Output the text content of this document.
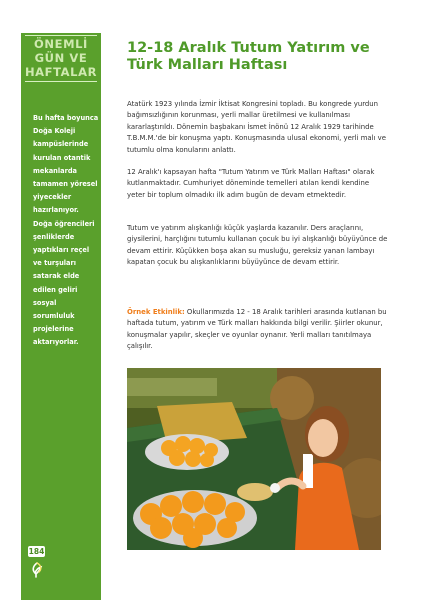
ÖNEMLİ
GÜN VE
HAFTALAR
Bu hafta boyunca Doğa Koleji kampüslerinde kurulan otantik mekanlarda tamamen yöresel yiyecekler hazırlanıyor. Doğa öğrencileri şenliklerde yaptıkları reçel ve turşuları satarak elde edilen geliri sosyal sorumluluk projelerine aktarıyorlar.
184
12-18 Aralık Tutum Yatırım ve Türk Malları Haftası
Atatürk 1923 yılında İzmir İktisat Kongresini topladı. Bu kongrede yurdun bağımsızlığının korunması, yerli mallar üretilmesi ve kullanılması kararlaştırıldı. Dönemin başbakanı İsmet İnönü 12 Aralık 1929 tarihinde T.B.M.M.'de bir konuşma yaptı. Konuşmasında ulusal ekonomi, yerli malı ve tutumlu olma konularını anlattı.
12 Aralık'ı kapsayan hafta "Tutum Yatırım ve Türk Malları Haftası" olarak kutlanmaktadır. Cumhuriyet döneminde temelleri atılan kendi kendine yeter bir toplum olmadıkı ilk adım bugün de devam etmektedir.
Tutum ve yatırım alışkanlığı küçük yaşlarda kazanılır. Ders araçlarını, giysilerini, harçlığını tutumlu kullanan çocuk bu iyi alışkanlığı büyüyünce de devam ettirir. Küçükken boşa akan su musluğu, gereksiz yanan lambayı kapatan çocuk bu alışkanlıklarını büyüyünce de devam ettirir.
Örnek Etkinlik: Okullarımızda 12 - 18 Aralık tarihleri arasında kutlanan bu haftada tutum, yatırım ve Türk malları hakkında bilgi verilir. Şiirler okunur, konuşmalar yapılır, skeçler ve oyunlar oynanır. Yerli malları tanıtılmaya çalışılır.
